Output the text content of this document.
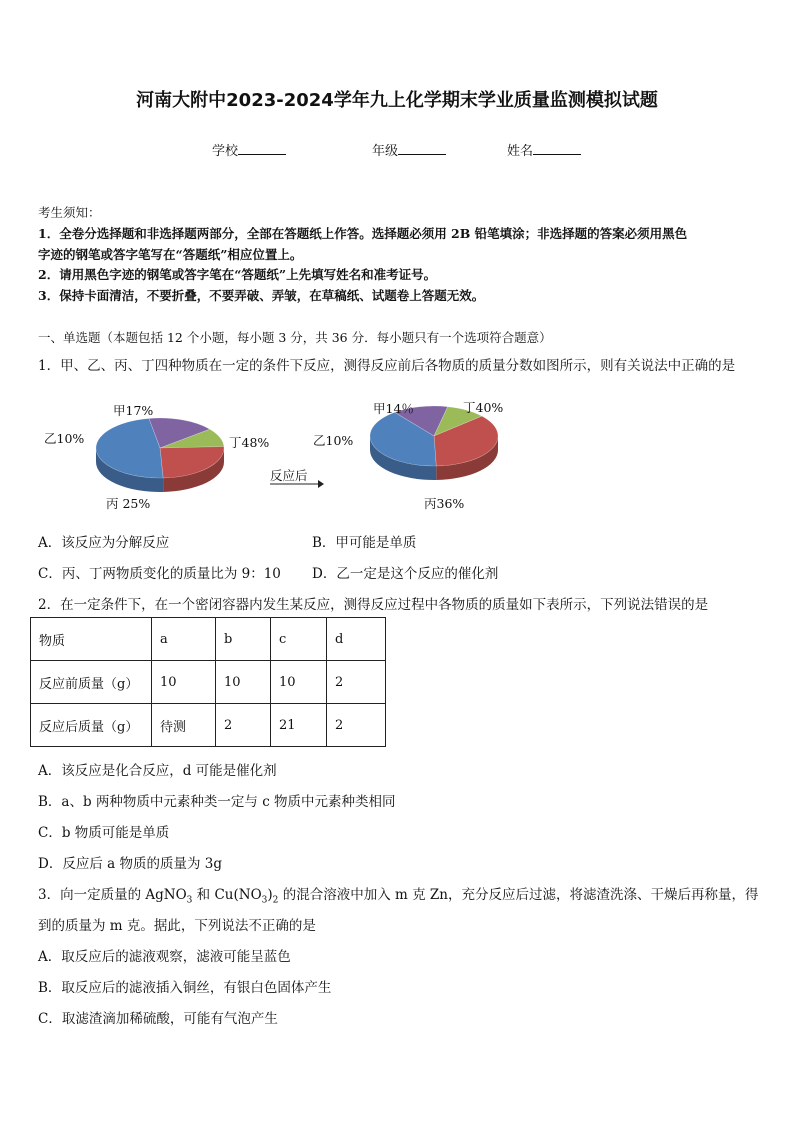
河南大附中2023-2024学年九上化学期末学业质量监测模拟试题
学校	年级	姓名
考生须知：
1．全卷分选择题和非选择题两部分，全部在答题纸上作答。选择题必须用 2B 铅笔填涂；非选择题的答案必须用黑色
字迹的钢笔或答字笔写在“答题纸”相应位置上。
2．请用黑色字迹的钢笔或答字笔在“答题纸”上先填写姓名和准考证号。
3．保持卡面清洁，不要折叠，不要弄破、弄皱，在草稿纸、试题卷上答题无效。
一、单选题（本题包括 12 个小题，每小题 3 分，共 36 分．每小题只有一个选项符合题意）
1．甲、乙、丙、丁四种物质在一定的条件下反应，测得反应前后各物质的质量分数如图所示，则有关说法中正确的是
甲17%
乙10%
丙 25%
丁48%
反应后
甲14％
乙10%
丙36%
丁40%
A．该反应为分解反应	B．甲可能是单质
C．丙、丁两物质变化的质量比为 9：10 D．乙一定是这个反应的催化剂
2．在一定条件下，在一个密闭容器内发生某反应，测得反应过程中各物质的质量如下表所示，下列说法错误的是
物质	a	b	c	d
反应前质量（g）	10	10	10	2
反应后质量（g）	待测	2	21	2
A．该反应是化合反应，d 可能是催化剂
B．a、b 两种物质中元素种类一定与 c 物质中元素种类相同
C．b 物质可能是单质
D．反应后 a 物质的质量为 3g
3．向一定质量的 AgNO$_3$ 和 $Cu(NO_3)_2$ 的混合溶液中加入 m 克 Zn，充分反应后过滤，将滤渣洗涤、干燥后再称量，得
到的质量为 m 克。据此，下列说法不正确的是
A．取反应后的滤液观察，滤液可能呈蓝色
B．取反应后的滤液插入铜丝，有银白色固体产生
C．取滤渣滴加稀硫酸，可能有气泡产生
